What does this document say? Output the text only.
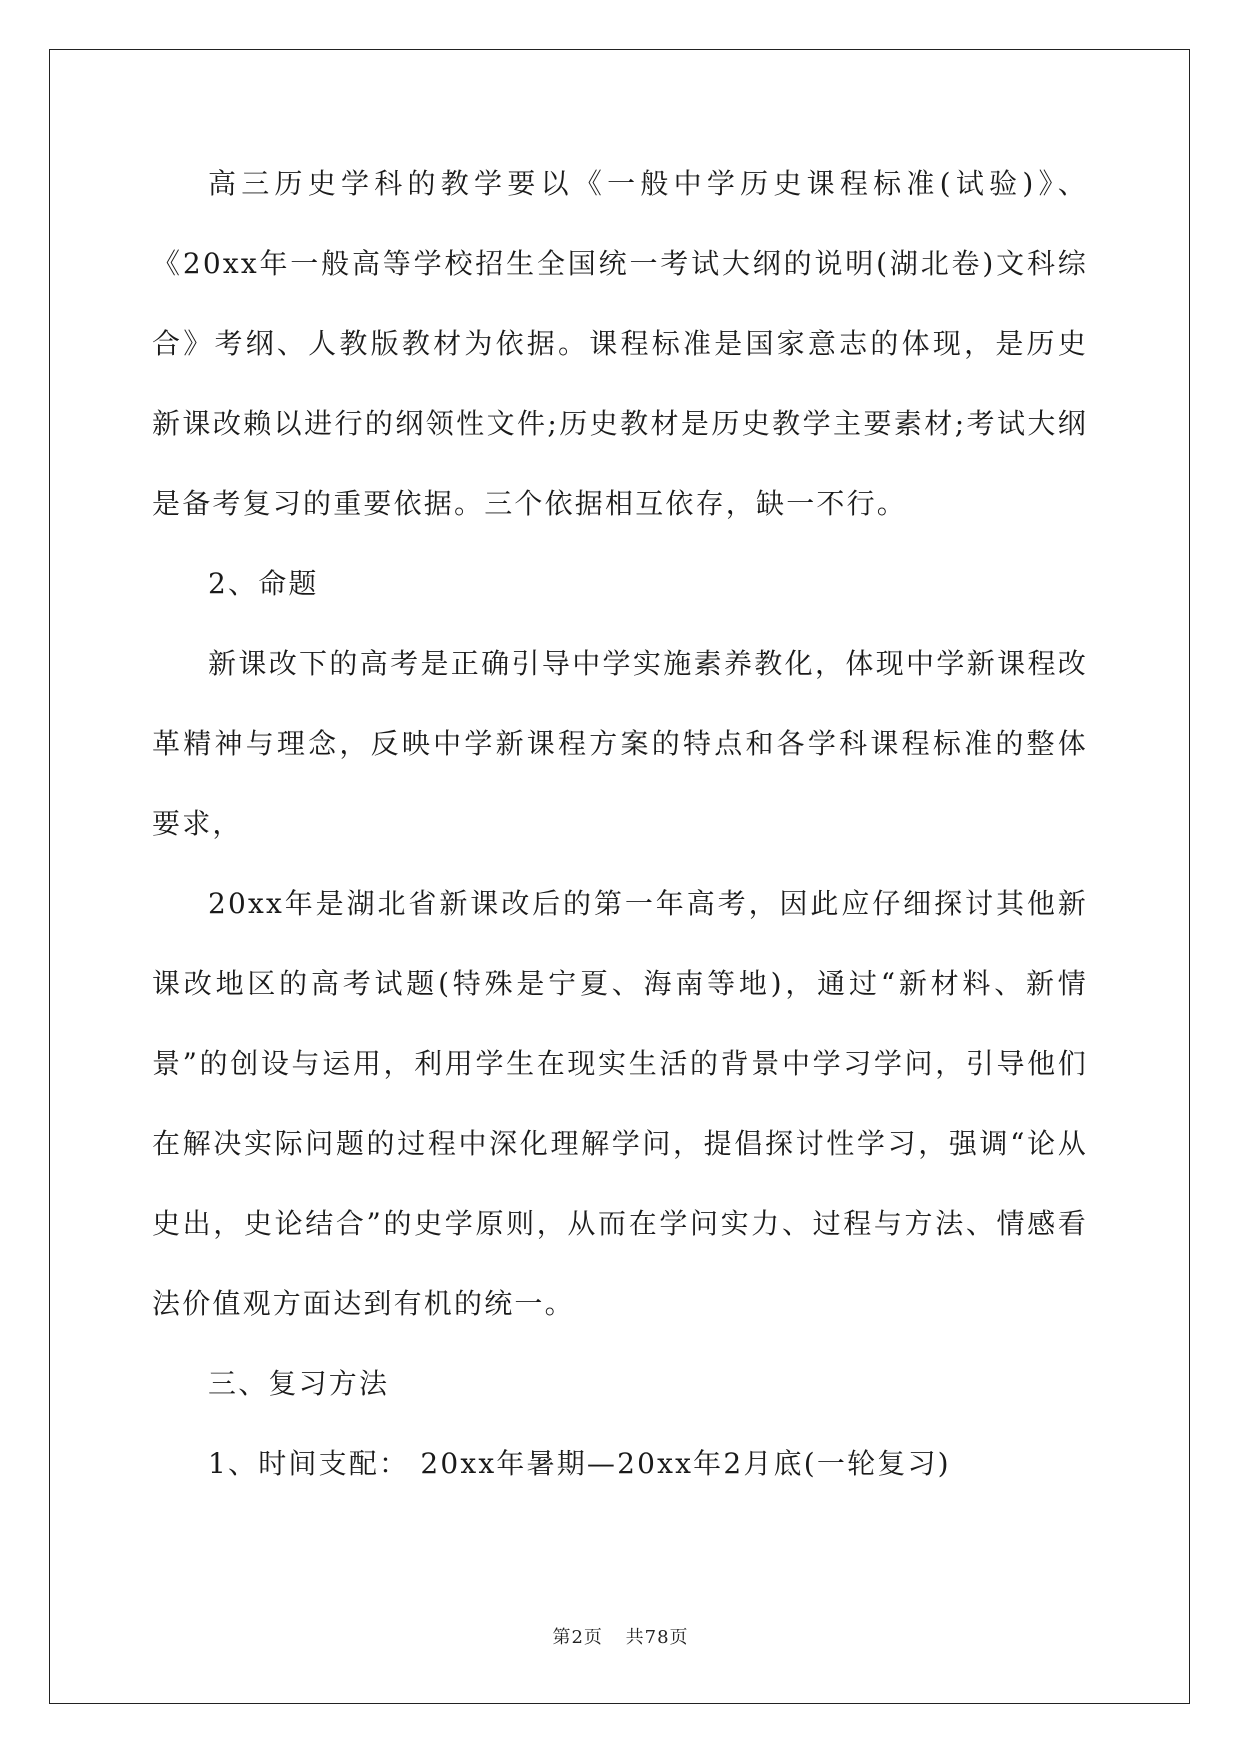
高三历史学科的教学要以《一般中学历史课程标准(试验)》、《20xx年一般高等学校招生全国统一考试大纲的说明(湖北卷)文科综合》考纲、人教版教材为依据。课程标准是国家意志的体现，是历史新课改赖以进行的纲领性文件;历史教材是历史教学主要素材;考试大纲是备考复习的重要依据。三个依据相互依存，缺一不行。

2、命题

新课改下的高考是正确引导中学实施素养教化，体现中学新课程改革精神与理念，反映中学新课程方案的特点和各学科课程标准的整体要求，

20xx年是湖北省新课改后的第一年高考，因此应仔细探讨其他新课改地区的高考试题(特殊是宁夏、海南等地)，通过“新材料、新情景”的创设与运用，利用学生在现实生活的背景中学习学问，引导他们在解决实际问题的过程中深化理解学问，提倡探讨性学习，强调“论从史出，史论结合”的史学原则，从而在学问实力、过程与方法、情感看法价值观方面达到有机的统一。

三、复习方法

1、时间支配： 20xx年暑期—20xx年2月底(一轮复习)

第2页 共78页
